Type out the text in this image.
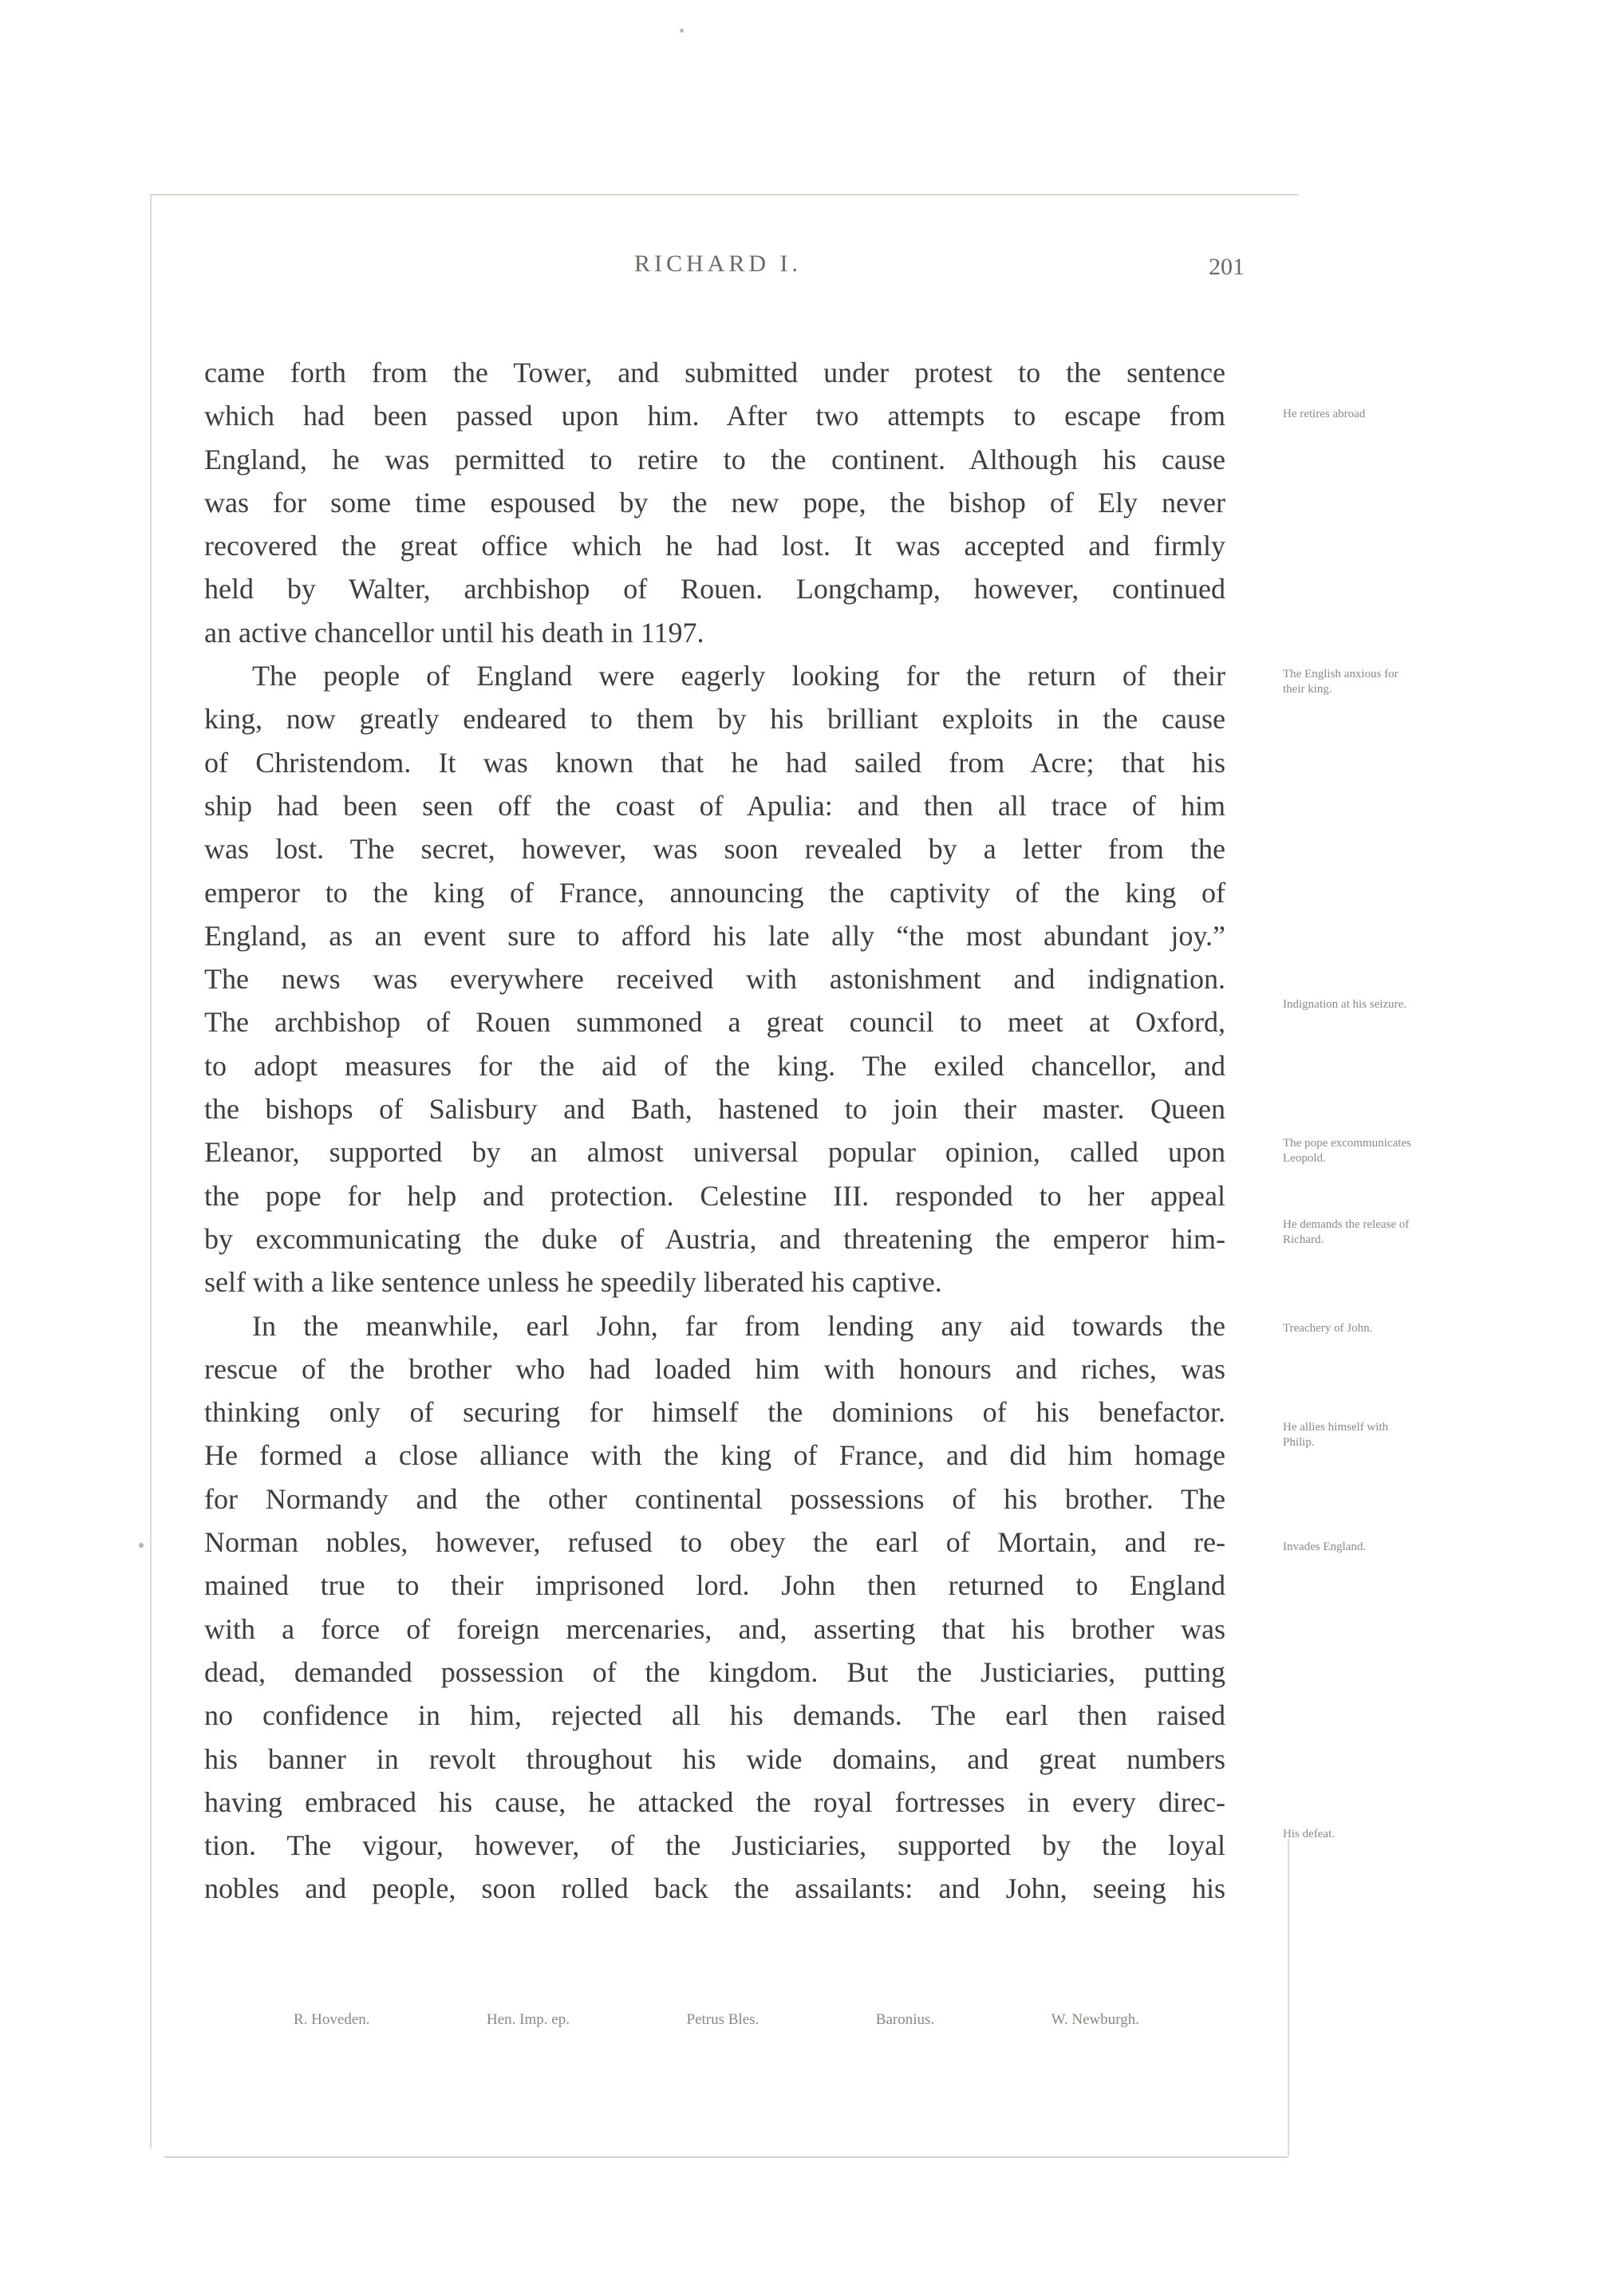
RICHARD I.	201
came forth from the Tower, and submitted under protest to the sentence
which had been passed upon him. After two attempts to escape from
England, he was permitted to retire to the continent. Although his cause
was for some time espoused by the new pope, the bishop of Ely never
recovered the great office which he had lost. It was accepted and firmly
held by Walter, archbishop of Rouen. Longchamp, however, continued
an active chancellor until his death in 1197.
The people of England were eagerly looking for the return of their
king, now greatly endeared to them by his brilliant exploits in the cause
of Christendom. It was known that he had sailed from Acre; that his
ship had been seen off the coast of Apulia: and then all trace of him
was lost. The secret, however, was soon revealed by a letter from the
emperor to the king of France, announcing the captivity of the king of
England, as an event sure to afford his late ally “the most abundant joy.”
The news was everywhere received with astonishment and indignation.
The archbishop of Rouen summoned a great council to meet at Oxford,
to adopt measures for the aid of the king. The exiled chancellor, and
the bishops of Salisbury and Bath, hastened to join their master. Queen
Eleanor, supported by an almost universal popular opinion, called upon
the pope for help and protection. Celestine III. responded to her appeal
by excommunicating the duke of Austria, and threatening the emperor him-
self with a like sentence unless he speedily liberated his captive.
In the meanwhile, earl John, far from lending any aid towards the
rescue of the brother who had loaded him with honours and riches, was
thinking only of securing for himself the dominions of his benefactor.
He formed a close alliance with the king of France, and did him homage
for Normandy and the other continental possessions of his brother. The
Norman nobles, however, refused to obey the earl of Mortain, and re-
mained true to their imprisoned lord. John then returned to England
with a force of foreign mercenaries, and, asserting that his brother was
dead, demanded possession of the kingdom. But the Justiciaries, putting
no confidence in him, rejected all his demands. The earl then raised
his banner in revolt throughout his wide domains, and great numbers
having embraced his cause, he attacked the royal fortresses in every direc-
tion. The vigour, however, of the Justiciaries, supported by the loyal
nobles and people, soon rolled back the assailants: and John, seeing his
He retires abroad
The English anxious for their king.
Indignation at his seizure.
The pope excommunicates Leopold.
He demands the release of Richard.
Treachery of John.
He allies himself with Philip.
Invades England.
His defeat.
R. Hoveden.	Hen. Imp. ep.	Petrus Bles.	Baronius.	W. Newburgh.
